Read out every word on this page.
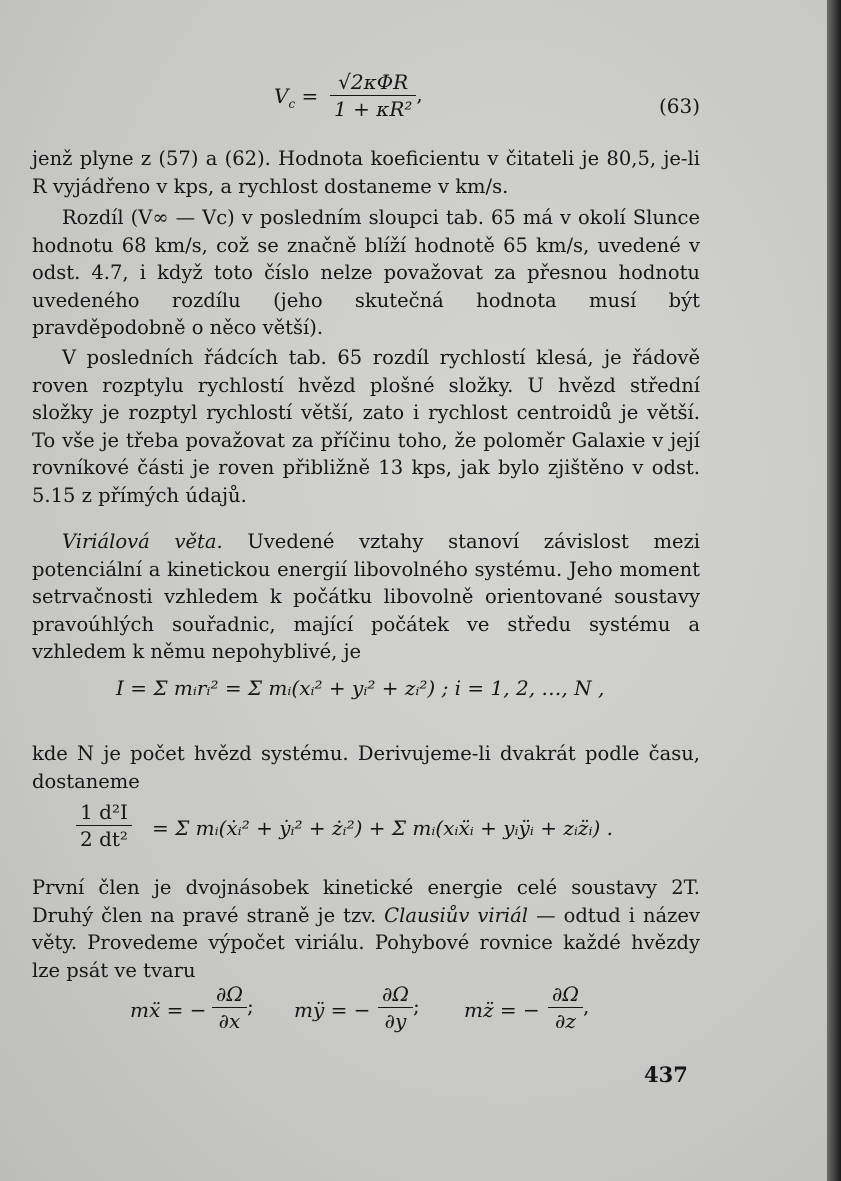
$V_c = \frac{\text{√2κΦR}}{\text{1 + κR²}}$ ,	(63)

jenž plyne z (57) a (62). Hodnota koeficientu v čitateli je 80,5, je-li R vyjádřeno v kps, a rychlost dostaneme v km/s.

Rozdíl (V∞ — Vc) v posledním sloupci tab. 65 má v okolí Slunce hodnotu 68 km/s, což se značně blíží hodnotě 65 km/s, uvedené v odst. 4.7, i když toto číslo nelze považovat za přesnou hodnotu uvedeného rozdílu (jeho skutečná hodnota musí být pravděpodobně o něco větší).

V posledních řádcích tab. 65 rozdíl rychlostí klesá, je řádově roven rozptylu rychlostí hvězd plošné složky. U hvězd střední složky je rozptyl rychlostí větší, zato i rychlost centroidů je větší. To vše je třeba považovat za příčinu toho, že poloměr Galaxie v její rovníkové části je roven přibližně 13 kps, jak bylo zjištěno v odst. 5.15 z přímých údajů.

Viriálová věta. Uvedené vztahy stanoví závislost mezi potenciální a kinetickou energií libovolného systému. Jeho moment setrvačnosti vzhledem k počátku libovolně orientované soustavy pravoúhlých souřadnic, mající počátek ve středu systému a vzhledem k němu nepohyblivé, je

I = Σ mᵢrᵢ² = Σ mᵢ(xᵢ² + yᵢ² + zᵢ²) ; i = 1, 2, …, N ,

kde N je počet hvězd systému. Derivujeme-li dvakrát podle času, dostaneme

$\frac{\text{1 d²I}}{\text{2 dt²}} = \Sigma$ mᵢ(ẋᵢ² + ẏᵢ² + żᵢ²) + Σ mᵢ(xᵢẍᵢ + yᵢÿᵢ + zᵢz̈ᵢ) .

První člen je dvojnásobek kinetické energie celé soustavy 2T. Druhý člen na pravé straně je tzv. Clausiův viriál — odtud i název věty. Provedeme výpočet viriálu. Pohybové rovnice každé hvězdy lze psát ve tvaru

mẍ = − $\frac{\partial\Omega}{\partial x}$ ; mÿ = − $\frac{\partial\Omega}{\partial y}$ ; mz̈ = − $\frac{\partial\Omega}{\partial z}$ ,
437
